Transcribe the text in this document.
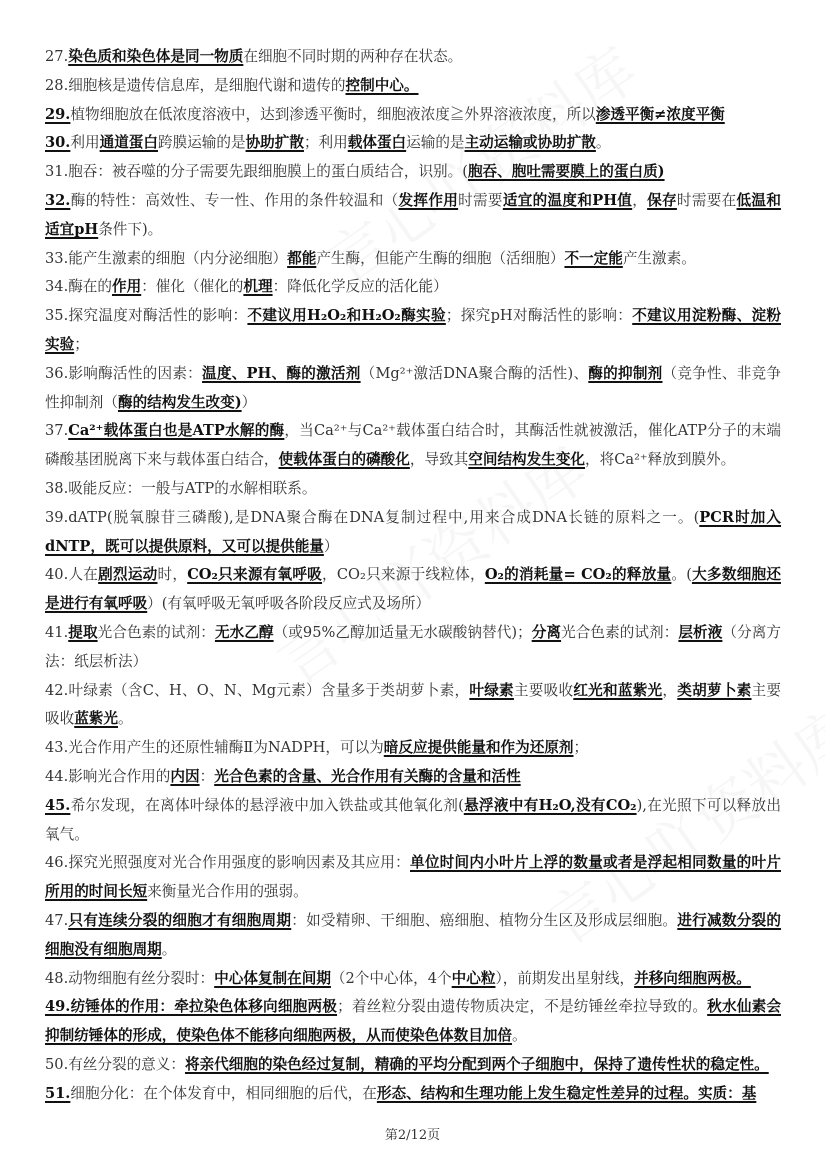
27.染色质和染色体是同一物质在细胞不同时期的两种存在状态。

28.细胞核是遗传信息库，是细胞代谢和遗传的控制中心。

29.植物细胞放在低浓度溶液中，达到渗透平衡时，细胞液浓度≧外界溶液浓度，所以渗透平衡≠浓度平衡

30.利用通道蛋白跨膜运输的是协助扩散；利用载体蛋白运输的是主动运输或协助扩散。

31.胞吞：被吞噬的分子需要先跟细胞膜上的蛋白质结合，识别。(胞吞、胞吐需要膜上的蛋白质)

32.酶的特性：高效性、专一性、作用的条件较温和（发挥作用时需要适宜的温度和PH值，保存时需要在低温和适宜pH条件下)。

33.能产生激素的细胞（内分泌细胞）都能产生酶，但能产生酶的细胞（活细胞）不一定能产生激素。

34.酶在的作用：催化（催化的机理：降低化学反应的活化能）

35.探究温度对酶活性的影响：不建议用H₂O₂和H₂O₂酶实验；探究pH对酶活性的影响：不建议用淀粉酶、淀粉实验；

36.影响酶活性的因素：温度、PH、酶的激活剂（Mg²⁺激活DNA聚合酶的活性)、酶的抑制剂（竞争性、非竞争性抑制剂（酶的结构发生改变)）

37.Ca²⁺载体蛋白也是ATP水解的酶，当Ca²⁺与Ca²⁺载体蛋白结合时，其酶活性就被激活，催化ATP分子的末端磷酸基团脱离下来与载体蛋白结合，使载体蛋白的磷酸化，导致其空间结构发生变化，将Ca²⁺释放到膜外。

38.吸能反应：一般与ATP的水解相联系。

39.dATP(脱氧腺苷三磷酸),是DNA聚合酶在DNA复制过程中,用来合成DNA长链的原料之一。(PCR时加入dNTP，既可以提供原料，又可以提供能量）

40.人在剧烈运动时，CO₂只来源有氧呼吸，CO₂只来源于线粒体，O₂的消耗量= CO₂的释放量。(大多数细胞还是进行有氧呼吸）(有氧呼吸无氧呼吸各阶段反应式及场所）

41.提取光合色素的试剂：无水乙醇（或95%乙醇加适量无水碳酸钠替代)；分离光合色素的试剂：层析液（分离方法：纸层析法）

42.叶绿素（含C、H、O、N、Mg元素）含量多于类胡萝卜素，叶绿素主要吸收红光和蓝紫光，类胡萝卜素主要吸收蓝紫光。

43.光合作用产生的还原性辅酶Ⅱ为NADPH，可以为暗反应提供能量和作为还原剂；

44.影响光合作用的内因：光合色素的含量、光合作用有关酶的含量和活性

45.希尔发现，在离体叶绿体的悬浮液中加入铁盐或其他氧化剂(悬浮液中有H₂O,没有CO₂),在光照下可以释放出氧气。

46.探究光照强度对光合作用强度的影响因素及其应用：单位时间内小叶片上浮的数量或者是浮起相同数量的叶片所用的时间长短来衡量光合作用的强弱。

47.只有连续分裂的细胞才有细胞周期：如受精卵、干细胞、癌细胞、植物分生区及形成层细胞。进行减数分裂的细胞没有细胞周期。

48.动物细胞有丝分裂时：中心体复制在间期（2个中心体，4个中心粒），前期发出星射线，并移向细胞两极。

49.纺锤体的作用：牵拉染色体移向细胞两极；着丝粒分裂由遗传物质决定，不是纺锤丝牵拉导致的。秋水仙素会抑制纺锤体的形成，使染色体不能移向细胞两极，从而使染色体数目加倍。

50.有丝分裂的意义：将亲代细胞的染色经过复制，精确的平均分配到两个子细胞中，保持了遗传性状的稳定性。

51.细胞分化：在个体发育中，相同细胞的后代，在形态、结构和生理功能上发生稳定性差异的过程。实质：基

第2/12页
